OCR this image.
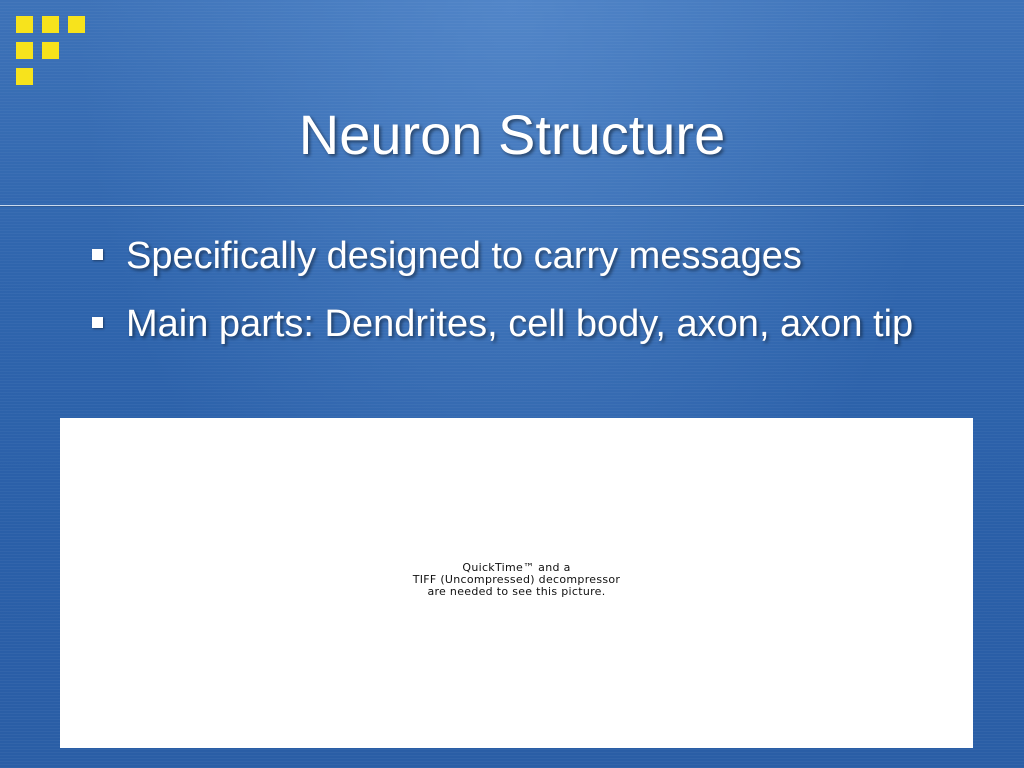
Neuron Structure
Specifically designed to carry messages
Main parts: Dendrites, cell body, axon, axon tip
QuickTime™ and a
TIFF (Uncompressed) decompressor
are needed to see this picture.
